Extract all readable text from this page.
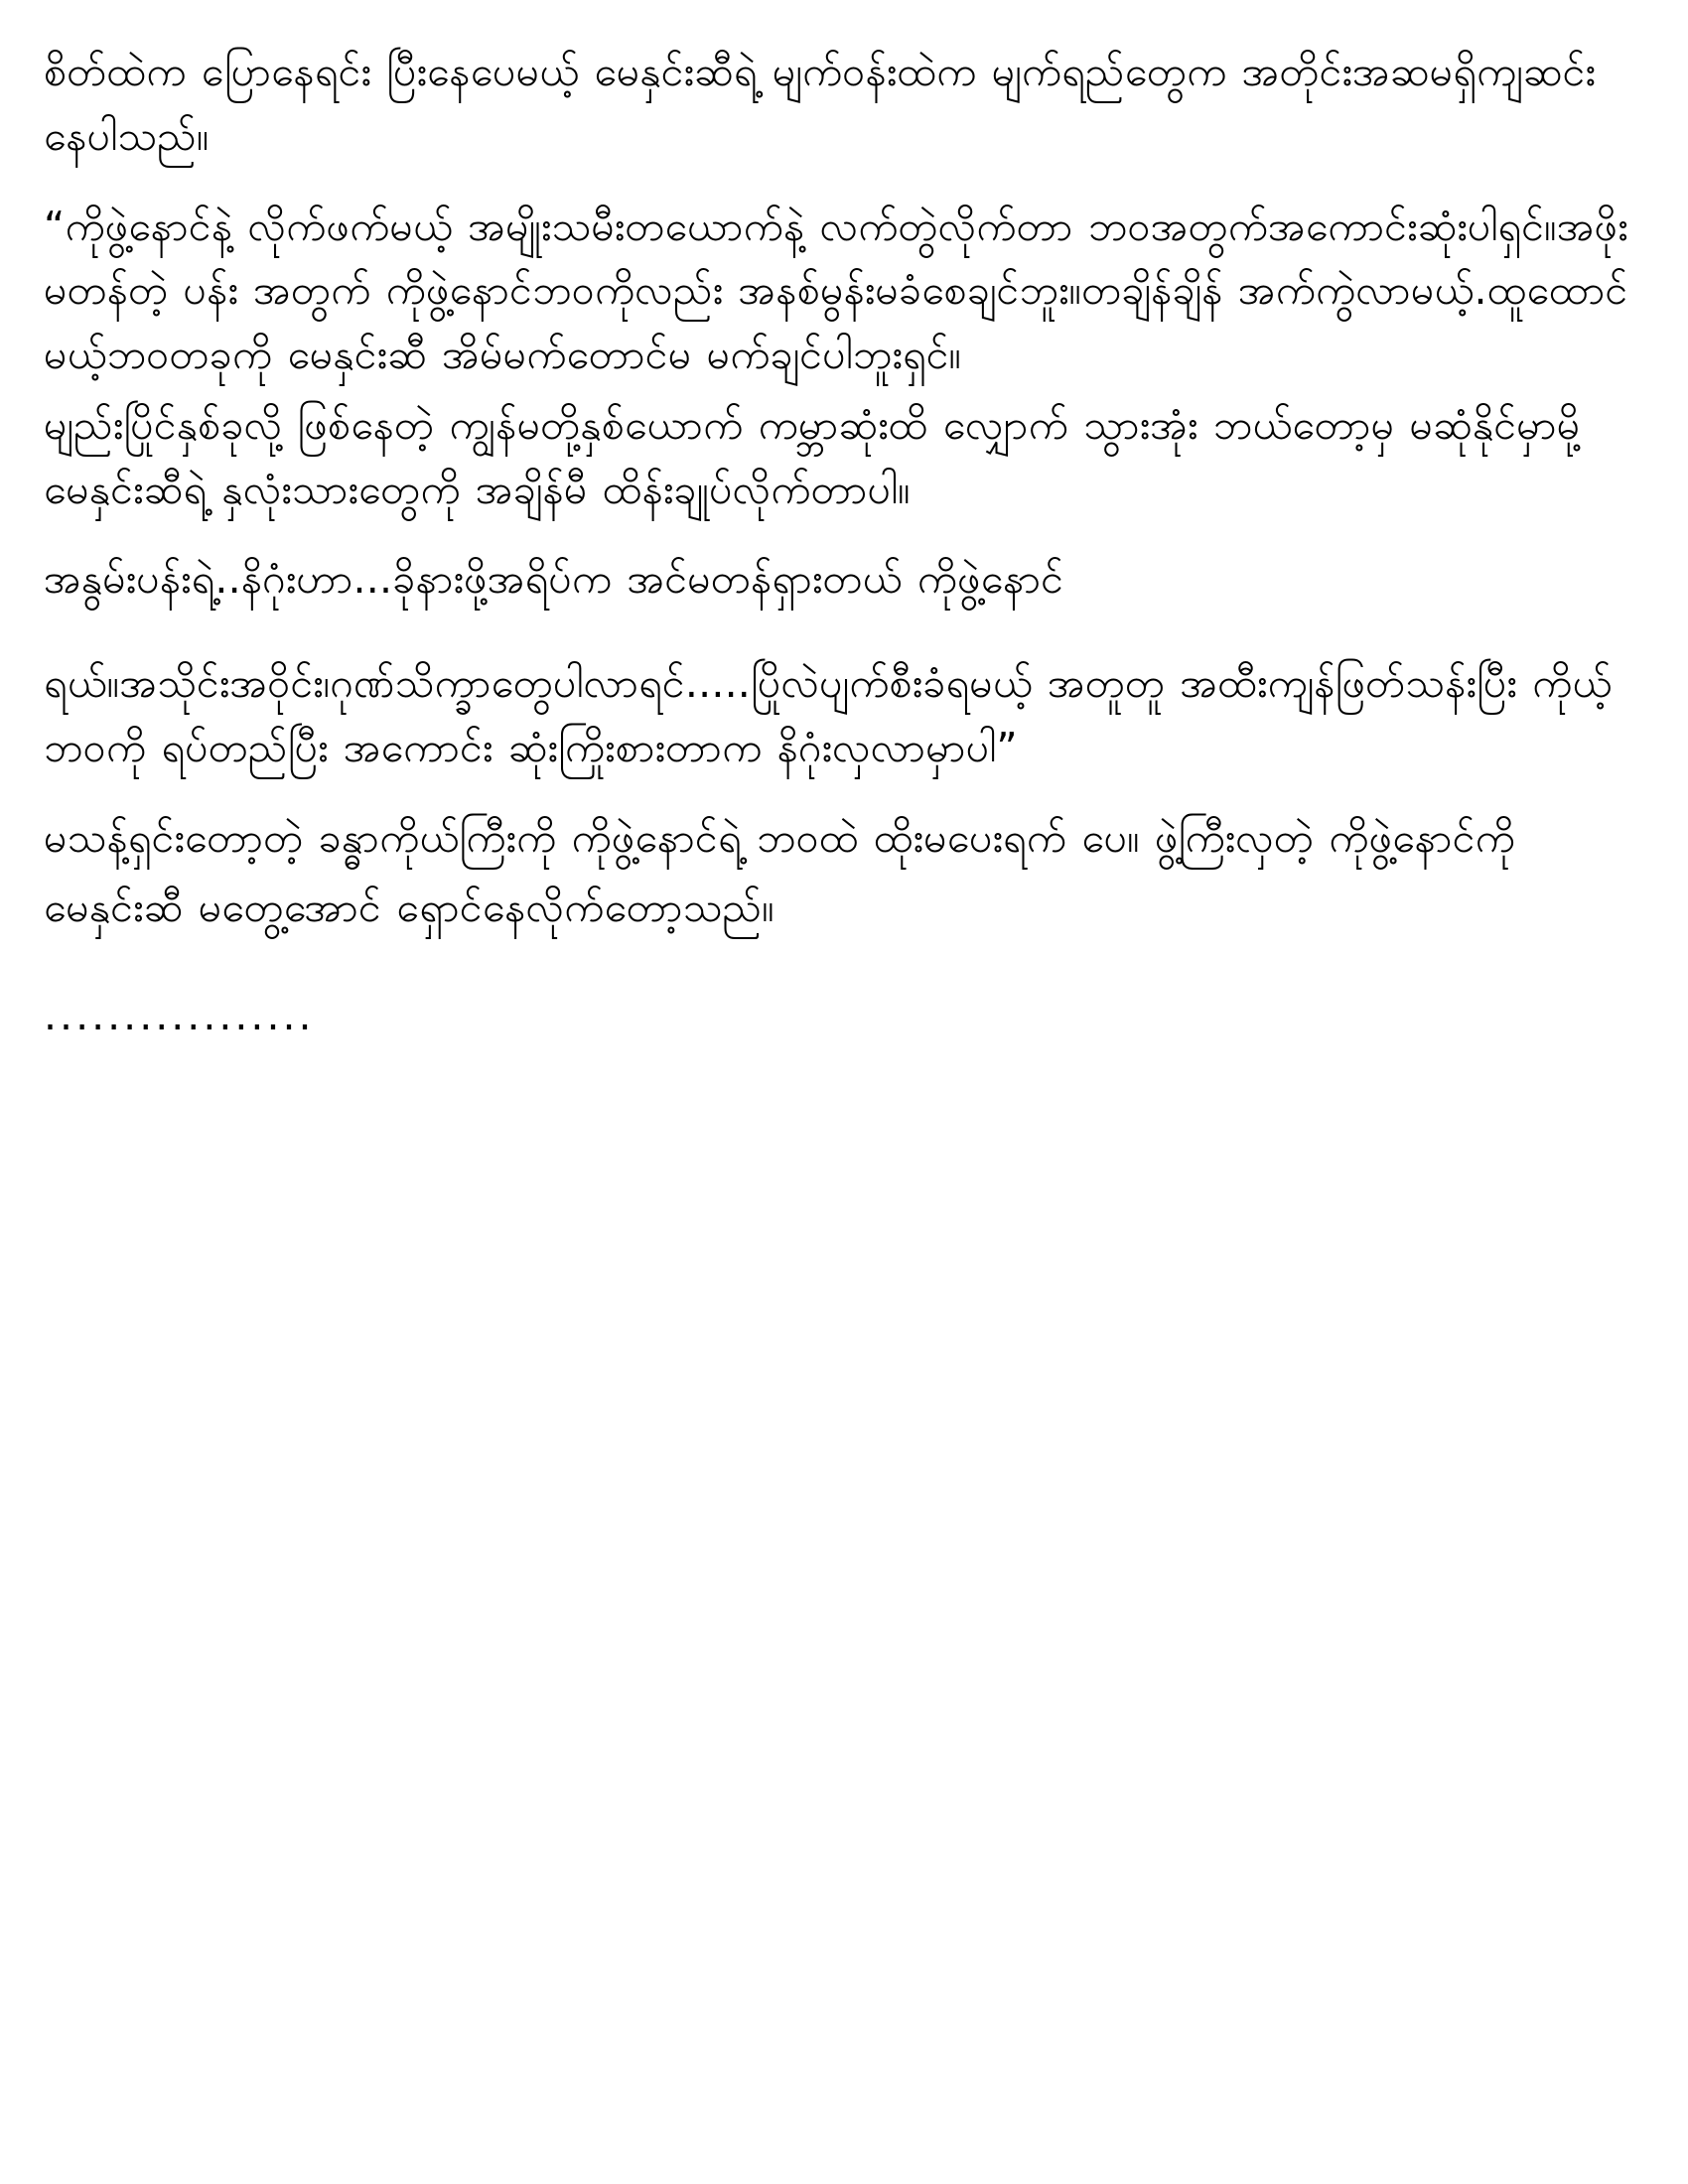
စိတ်ထဲက ပြောနေရင်း ပြီးနေပေမယ့် မေနှင်းဆီရဲ့ မျက်ဝန်းထဲက မျက်ရည်တွေက အတိုင်းအဆမရှိကျဆင်းနေပါသည်။

“ကိုဖွဲ့နောင်နဲ့ လိုက်ဖက်မယ့် အမျိုးသမီးတယောက်နဲ့ လက်တွဲလိုက်တာ ဘဝအတွက်အကောင်းဆုံးပါရှင်။အဖိုးမတန်တဲ့ ပန်း အတွက် ကိုဖွဲ့နောင်ဘဝကိုလည်း အနစ်မွန်းမခံစေချင်ဘူး။တချိန်ချိန် အက်ကွဲလာမယ့်.ထူထောင်မယ့်ဘဝတခုကို မေနှင်းဆီ အိမ်မက်တောင်မ မက်ချင်ပါဘူးရှင်။

မျည်းပြိုင်နှစ်ခုလို့ ဖြစ်နေတဲ့ ကျွန်မတို့နှစ်ယောက် ကမ္ဘာဆုံးထိ လျှောက် သွားအုံး ဘယ်တော့မှ မဆုံနိုင်မှာမို့ မေနှင်းဆီရဲ့ နှလုံးသားတွေကို အချိန်မီ ထိန်းချုပ်လိုက်တာပါ။

အနွမ်းပန်းရဲ့..နိဂုံးဟာ...ခိုနားဖို့အရိပ်က အင်မတန်ရှားတယ် ကိုဖွဲ့နောင်

ရယ်။အသိုင်းအဝိုင်း၊ဂုဏ်သိက္ခာတွေပါလာရင်.....ပြိုလဲပျက်စီးခံရမယ့် အတူတူ အထီးကျန်ဖြတ်သန်းပြီး ကိုယ့်ဘဝကို ရပ်တည်ပြီး အကောင်း ဆုံးကြိုးစားတာက နိဂုံးလှလာမှာပါ”

မသန့်ရှင်းတော့တဲ့ ခန္ဓာကိုယ်ကြီးကို ကိုဖွဲ့နောင်ရဲ့ ဘဝထဲ ထိုးမပေးရက် ပေ။ ဖွဲ့ကြီးလှတဲ့ ကိုဖွဲ့နောင်ကို

မေနှင်းဆီ မတွေ့အောင် ရှောင်နေလိုက်တော့သည်။

.................
